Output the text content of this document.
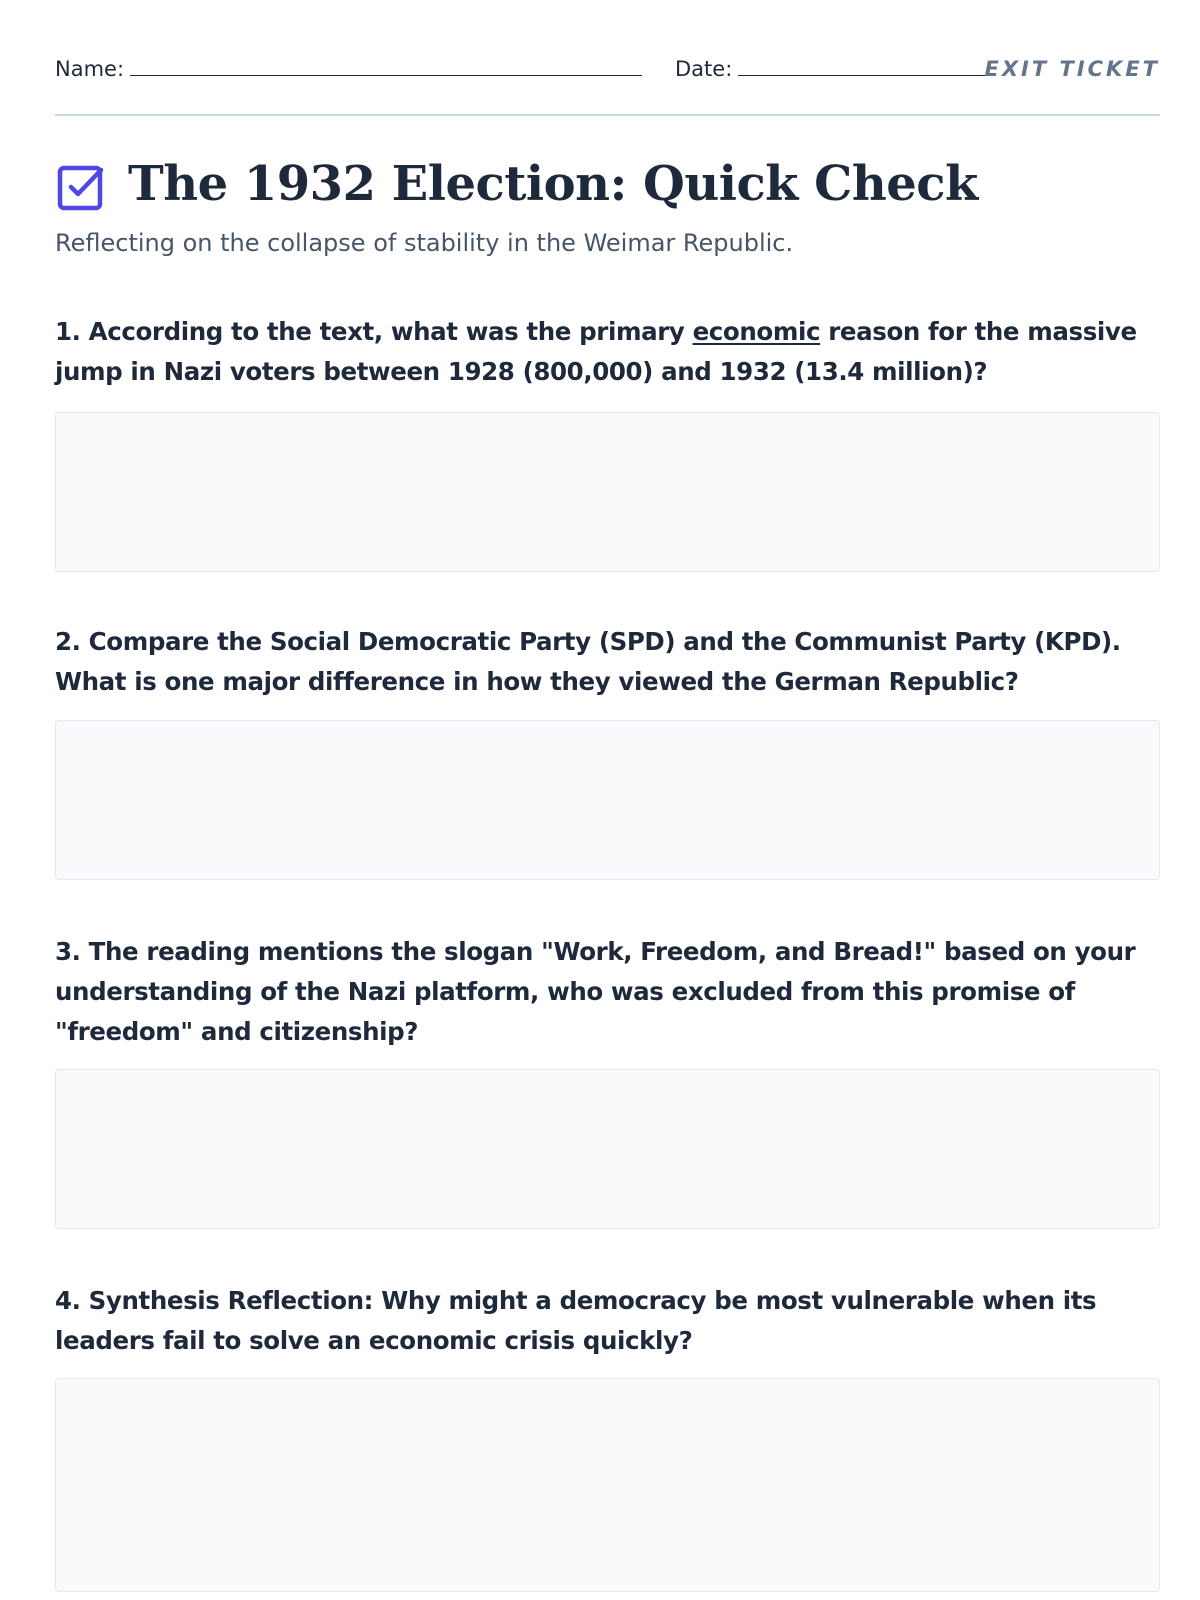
Name:	Date:	EXIT TICKET
The 1932 Election: Quick Check

Reflecting on the collapse of stability in the Weimar Republic.

1. According to the text, what was the primary economic reason for the massive jump in Nazi voters between 1928 (800,000) and 1932 (13.4 million)?

2. Compare the Social Democratic Party (SPD) and the Communist Party (KPD). What is one major difference in how they viewed the German Republic?

3. The reading mentions the slogan "Work, Freedom, and Bread!" based on your understanding of the Nazi platform, who was excluded from this promise of "freedom" and citizenship?

4. Synthesis Reflection: Why might a democracy be most vulnerable when its leaders fail to solve an economic crisis quickly?
